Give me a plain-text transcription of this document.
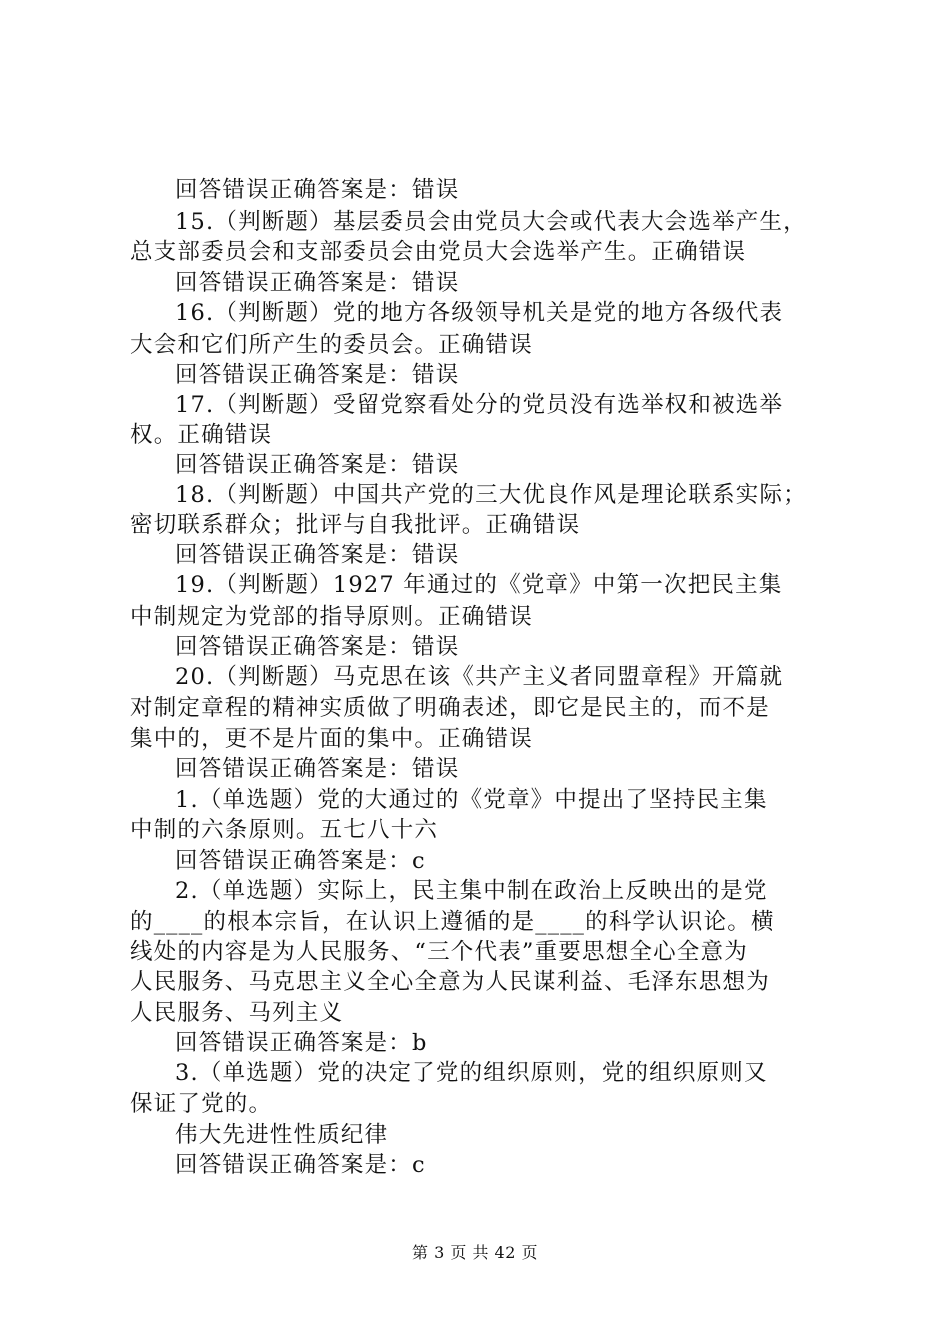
回答错误正确答案是：错误
15.（判断题）基层委员会由党员大会或代表大会选举产生，
总支部委员会和支部委员会由党员大会选举产生。正确错误
回答错误正确答案是：错误
16.（判断题）党的地方各级领导机关是党的地方各级代表
大会和它们所产生的委员会。正确错误
回答错误正确答案是：错误
17.（判断题）受留党察看处分的党员没有选举权和被选举
权。正确错误
回答错误正确答案是：错误
18.（判断题）中国共产党的三大优良作风是理论联系实际；
密切联系群众；批评与自我批评。正确错误
回答错误正确答案是：错误
19.（判断题）1927 年通过的《党章》中第一次把民主集
中制规定为党部的指导原则。正确错误
回答错误正确答案是：错误
20.（判断题）马克思在该《共产主义者同盟章程》开篇就
对制定章程的精神实质做了明确表述，即它是民主的，而不是
集中的，更不是片面的集中。正确错误
回答错误正确答案是：错误
1.（单选题）党的大通过的《党章》中提出了坚持民主集
中制的六条原则。五七八十六
回答错误正确答案是：c
2.（单选题）实际上，民主集中制在政治上反映出的是党
的____的根本宗旨，在认识上遵循的是____的科学认识论。横
线处的内容是为人民服务、“三个代表”重要思想全心全意为
人民服务、马克思主义全心全意为人民谋利益、毛泽东思想为
人民服务、马列主义
回答错误正确答案是：b
3.（单选题）党的决定了党的组织原则，党的组织原则又
保证了党的。
伟大先进性性质纪律
回答错误正确答案是：c
第 3 页 共 42 页
